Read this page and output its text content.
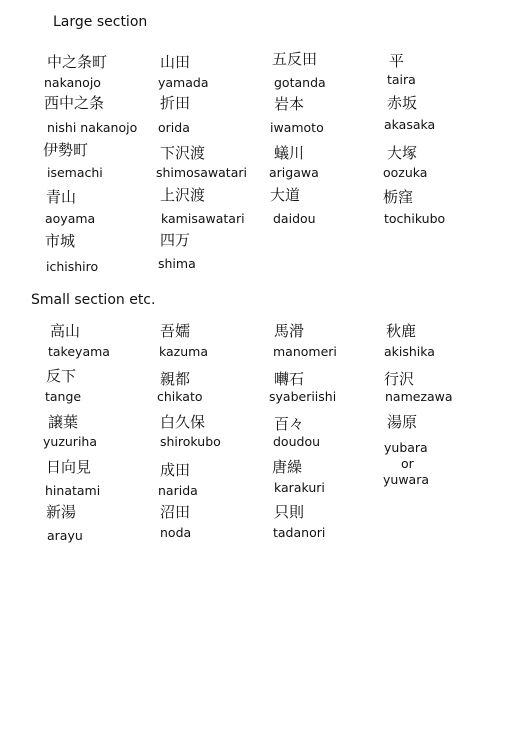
Large section
中之条町
nakanojo
山田
yamada
五反田
gotanda
平
taira
西中之条
nishi nakanojo
折田
orida
岩本
iwamoto
赤坂
akasaka
伊勢町
isemachi
下沢渡
shimosawatari
蟻川
arigawa
大塚
oozuka
青山
aoyama
上沢渡
kamisawatari
大道
daidou
栃窪
tochikubo
市城
ichishiro
四万
shima
Small section etc.
高山
takeyama
吾嬬
kazuma
馬滑
manomeri
秋鹿
akishika
反下
tange
親都
chikato
囀石
syaberiishi
行沢
namezawa
譲葉
yuzuriha
白久保
shirokubo
百々
doudou
湯原
yubara
or
yuwara
日向見
hinatami
成田
narida
唐繰
karakuri
新湯
arayu
沼田
noda
只則
tadanori
